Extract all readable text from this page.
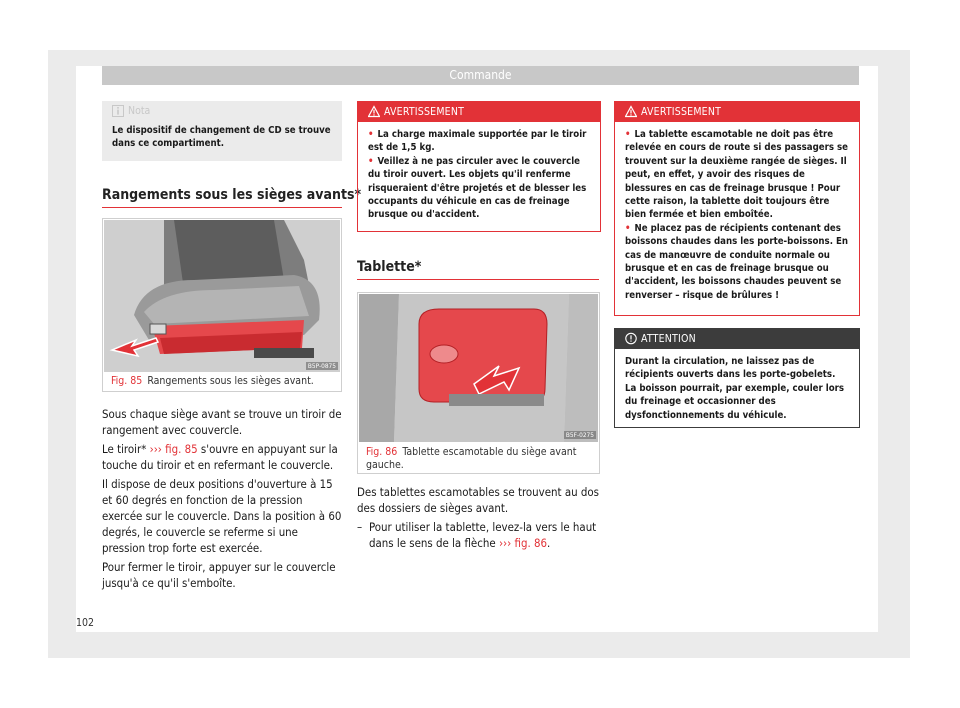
Commande
Nota
Le dispositif de changement de CD se trouve dans ce compartiment.
Rangements sous les sièges avants*
B5P-0875
Fig. 85 Rangements sous les sièges avant.

Sous chaque siège avant se trouve un tiroir de rangement avec couvercle.

Le tiroir* ››› fig. 85 s'ouvre en appuyant sur la touche du tiroir et en refermant le couvercle.

Il dispose de deux positions d'ouverture à 15 et 60 degrés en fonction de la pression exercée sur le couvercle. Dans la position à 60 degrés, le couvercle se referme si une pression trop forte est exercée.

Pour fermer le tiroir, appuyer sur le couvercle jusqu'à ce qu'il s'emboîte.

AVERTISSEMENT
• La charge maximale supportée par le tiroir est de 1,5 kg.
• Veillez à ne pas circuler avec le couvercle du tiroir ouvert. Les objets qu'il renferme risqueraient d'être projetés et de blesser les occupants du véhicule en cas de freinage brusque ou d'accident.
Tablette*
B5F-0275
Fig. 86 Tablette escamotable du siège avant gauche.

Des tablettes escamotables se trouvent au dos des dossiers de sièges avant.

– Pour utiliser la tablette, levez-la vers le haut dans le sens de la flèche ››› fig. 86.
AVERTISSEMENT
• La tablette escamotable ne doit pas être relevée en cours de route si des passagers se trouvent sur la deuxième rangée de sièges. Il peut, en effet, y avoir des risques de blessures en cas de freinage brusque ! Pour cette raison, la tablette doit toujours être bien fermée et bien emboîtée.
• Ne placez pas de récipients contenant des boissons chaudes dans les porte-boissons. En cas de manœuvre de conduite normale ou brusque et en cas de freinage brusque ou d'accident, les boissons chaudes peuvent se renverser – risque de brûlures !
ATTENTION
Durant la circulation, ne laissez pas de récipients ouverts dans les porte-gobelets. La boisson pourrait, par exemple, couler lors du freinage et occasionner des dysfonctionnements du véhicule.
102
